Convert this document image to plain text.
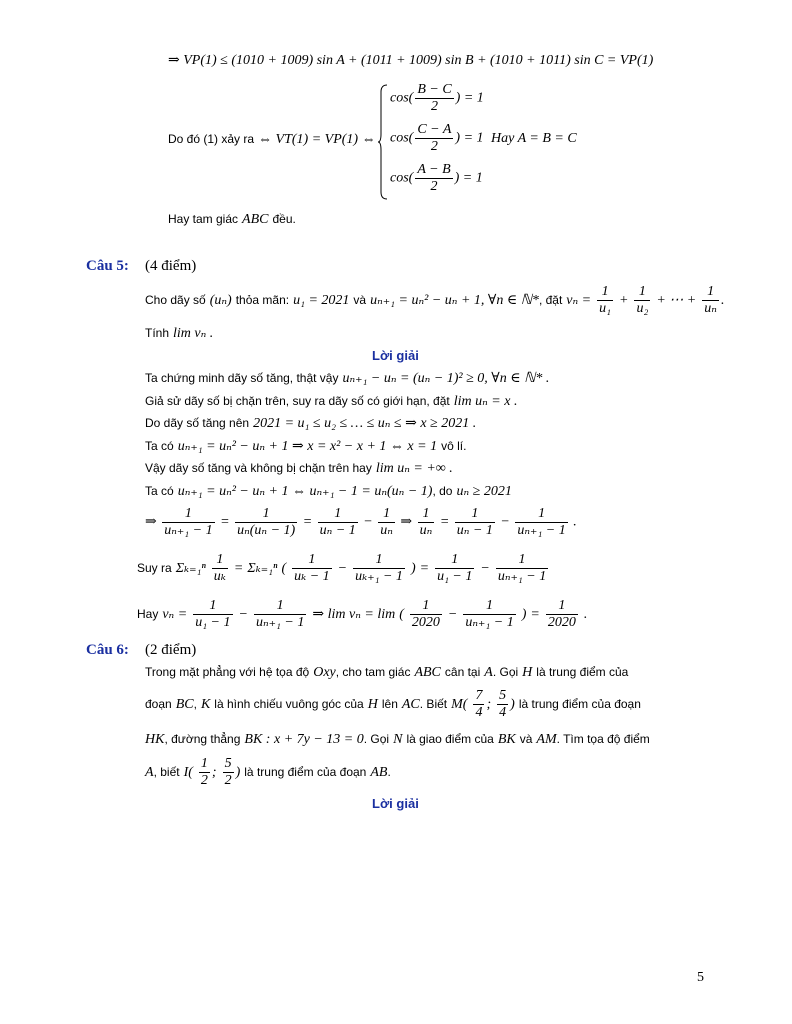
⇒ VP(1) ≤ (1010 + 1009) sin A + (1011 + 1009) sin B + (1010 + 1011) sin C = VP(1)
Do đó (1) xảy ra ⇔ VT(1) = VP(1) ⇔
$\cos( \frac{B - C}{2}$ ) = 1
$\cos( \frac{C - A}{2}$ ) = 1 Hay A = B = C
$\cos( \frac{A - B}{2}$ ) = 1
Hay tam giác ABC đều.
Câu 5: (4 điểm)
Cho dãy số (uₙ) thỏa mãn: u₁ = 2021 và uₙ₊₁ = uₙ² − uₙ + 1, ∀n ∈ ℕ*, đặt $v_n = \frac{1}{\text{u₁}} + \frac{1}{\text{u₂}}$ + ⋯ + $\frac{1}{\text{uₙ}}$ .
Tính lim vₙ .
Lời giải
Ta chứng minh dãy số tăng, thật vậy uₙ₊₁ − uₙ = (uₙ − 1)² ≥ 0, ∀n ∈ ℕ* .
Giả sử dãy số bị chặn trên, suy ra dãy số có giới hạn, đặt lim uₙ = x .
Do dãy số tăng nên 2021 = u₁ ≤ u₂ ≤ … ≤ uₙ ≤ ⇒ x ≥ 2021 .
Ta có uₙ₊₁ = uₙ² − uₙ + 1 ⇒ x = x² − x + 1 ⇔ x = 1 vô lí.
Vậy dãy số tăng và không bị chặn trên hay lim uₙ = +∞ .
Ta có uₙ₊₁ = uₙ² − uₙ + 1 ⇔ uₙ₊₁ − 1 = uₙ(uₙ − 1), do uₙ ≥ 2021
⇒ $\frac{1}{\text{uₙ₊₁ − 1}} = \frac{1}{\text{uₙ(uₙ − 1)}} = \frac{1}{\text{uₙ − 1}} - \frac{1}{\text{uₙ}}$ ⇒ $\frac{1}{\text{uₙ}} = \frac{1}{\text{uₙ − 1}} - \frac{1}{\text{uₙ₊₁ − 1}}$ .
Suy ra $\Sigma_{k=1}^n \frac{1}{\text{uₖ}} = \Sigma_{k=1}^n$ ( $\frac{1}{\text{uₖ − 1}} - \frac{1}{\text{uₖ₊₁ − 1}}$ ) = $\frac{1}{\text{u₁ − 1}} - \frac{1}{\text{uₙ₊₁ − 1}}$
Hay $v_n = \frac{1}{\text{u₁ − 1}} - \frac{1}{\text{uₙ₊₁ − 1}}$ ⇒ lim vₙ = lim ( $\frac{1}{2020} - \frac{1}{\text{uₙ₊₁ − 1}}$ ) = $\frac{1}{2020}$ .
Câu 6: (2 điểm)
Trong mặt phẳng với hệ tọa độ Oxy, cho tam giác ABC cân tại A. Gọi H là trung điểm của
đoạn BC, K là hình chiếu vuông góc của H lên AC. Biết $M( \frac{7}{4}$ ; $\frac{5}{4}$ ) là trung điểm của đoạn
HK, đường thẳng BK : x + 7y − 13 = 0. Gọi N là giao điểm của BK và AM. Tìm tọa độ điểm
A, biết $I( \frac{1}{2}$ ; $\frac{5}{2}$ ) là trung điểm của đoạn AB.
Lời giải
5
